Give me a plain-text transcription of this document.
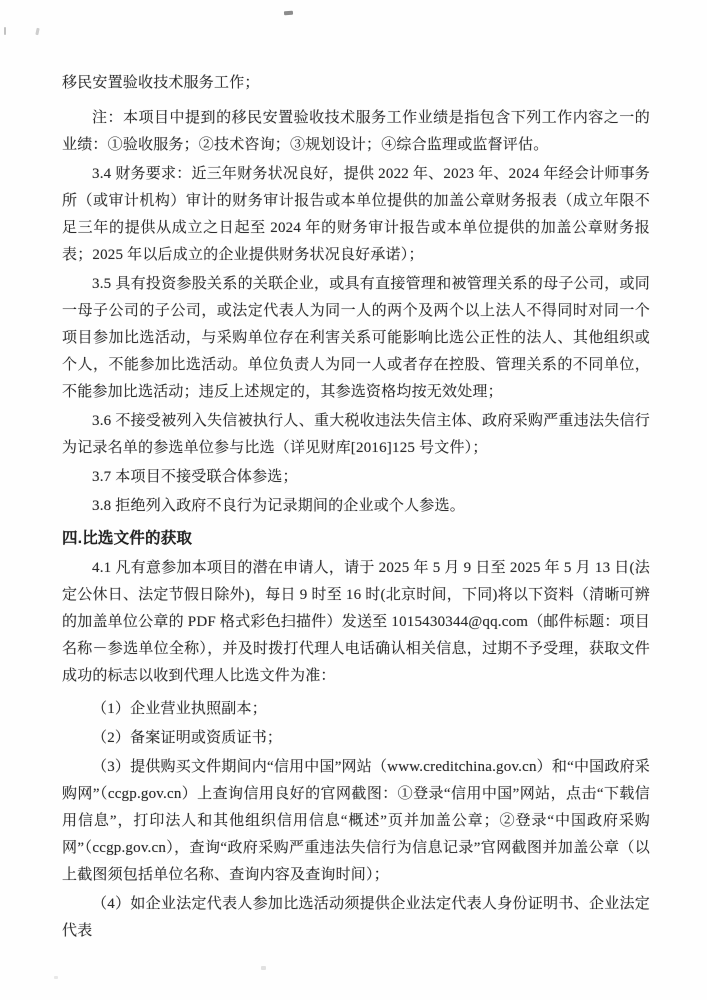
移民安置验收技术服务工作；

注：本项目中提到的移民安置验收技术服务工作业绩是指包含下列工作内容之一的业绩：①验收服务；②技术咨询；③规划设计；④综合监理或监督评估。

3.4 财务要求：近三年财务状况良好，提供 2022 年、2023 年、2024 年经会计师事务所（或审计机构）审计的财务审计报告或本单位提供的加盖公章财务报表（成立年限不足三年的提供从成立之日起至 2024 年的财务审计报告或本单位提供的加盖公章财务报表；2025 年以后成立的企业提供财务状况良好承诺）；

3.5 具有投资参股关系的关联企业，或具有直接管理和被管理关系的母子公司，或同一母子公司的子公司，或法定代表人为同一人的两个及两个以上法人不得同时对同一个项目参加比选活动，与采购单位存在利害关系可能影响比选公正性的法人、其他组织或个人，不能参加比选活动。单位负责人为同一人或者存在控股、管理关系的不同单位，不能参加比选活动；违反上述规定的，其参选资格均按无效处理；

3.6 不接受被列入失信被执行人、重大税收违法失信主体、政府采购严重违法失信行为记录名单的参选单位参与比选（详见财库[2016]125 号文件）；

3.7 本项目不接受联合体参选；

3.8 拒绝列入政府不良行为记录期间的企业或个人参选。

四.比选文件的获取

4.1 凡有意参加本项目的潜在申请人，请于 2025 年 5 月 9 日至 2025 年 5 月 13 日(法定公休日、法定节假日除外)，每日 9 时至 16 时(北京时间，下同)将以下资料（清晰可辨的加盖单位公章的 PDF 格式彩色扫描件）发送至 1015430344@qq.com（邮件标题：项目名称－参选单位全称），并及时拨打代理人电话确认相关信息，过期不予受理，获取文件成功的标志以收到代理人比选文件为准：

（1）企业营业执照副本；

（2）备案证明或资质证书；

（3）提供购买文件期间内“信用中国”网站（www.creditchina.gov.cn）和“中国政府采购网”（ccgp.gov.cn）上查询信用良好的官网截图：①登录“信用中国”网站，点击“下载信用信息”，打印法人和其他组织信用信息“概述”页并加盖公章；②登录“中国政府采购网”（ccgp.gov.cn），查询“政府采购严重违法失信行为信息记录”官网截图并加盖公章（以上截图须包括单位名称、查询内容及查询时间）；

（4）如企业法定代表人参加比选活动须提供企业法定代表人身份证明书、企业法定代表
